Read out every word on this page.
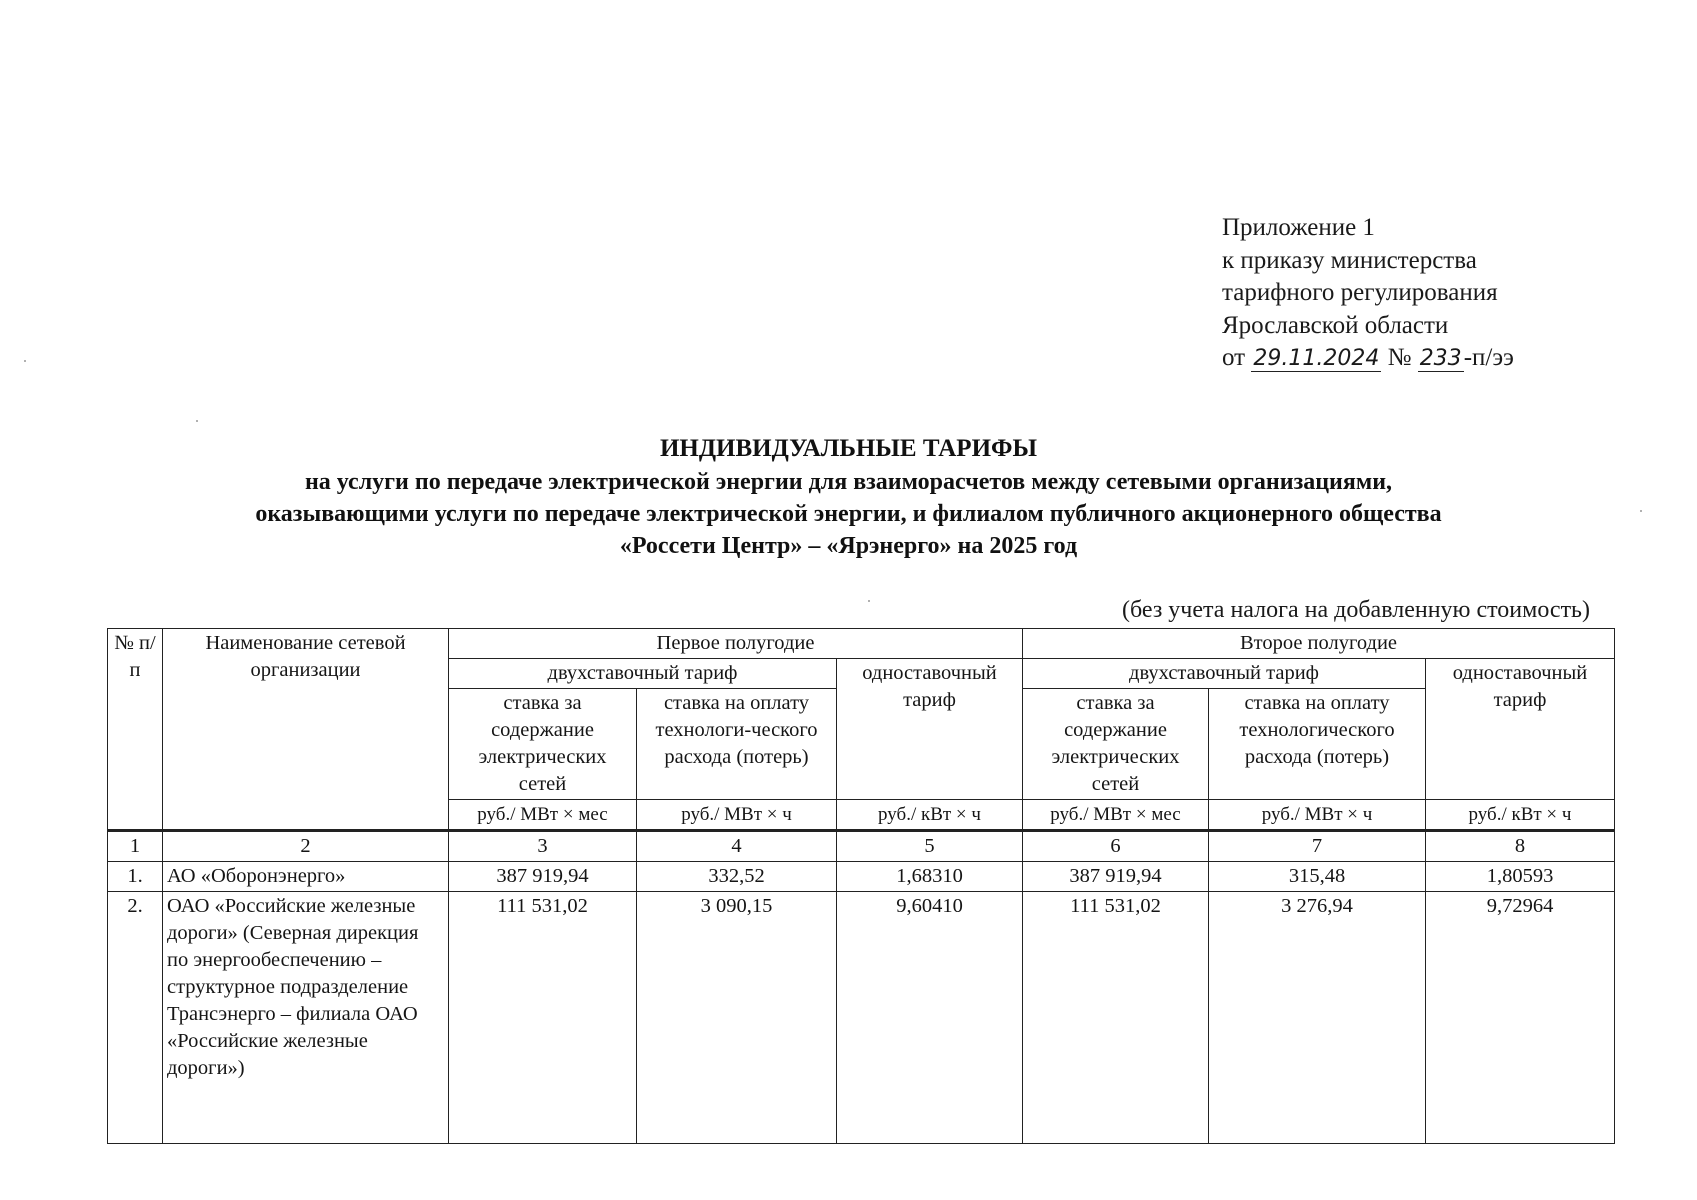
Приложение 1
к приказу министерства
тарифного регулирования
Ярославской области
от 29.11.2024 № 233-п/ээ
ИНДИВИДУАЛЬНЫЕ ТАРИФЫ
на услуги по передаче электрической энергии для взаиморасчетов между сетевыми организациями,
оказывающими услуги по передаче электрической энергии, и филиалом публичного акционерного общества
«Россети Центр» – «Ярэнерго» на 2025 год
(без учета налога на добавленную стоимость)
№ п/п	Наименование сетевой организации	Первое полугодие			Второе полугодие		
		двухставочный тариф		одноставочный тариф	двухставочный тариф		одноставочный тариф
		ставка за содержание электрических сетей	ставка на оплату технологи-ческого расхода (потерь)		ставка за содержание электрических сетей	ставка на оплату технологического расхода (потерь)	
		руб./ МВт × мес	руб./ МВт × ч	руб./ кВт × ч	руб./ МВт × мес	руб./ МВт × ч	руб./ кВт × ч
1	2	3	4	5	6	7	8
1.	АО «Оборонэнерго»	387 919,94	332,52	1,68310	387 919,94	315,48	1,80593
2.	ОАО «Российские железные дороги» (Северная дирекция по энергообеспечению – структурное подразделение Трансэнерго – филиала ОАО «Российские железные дороги»)	111 531,02	3 090,15	9,60410	111 531,02	3 276,94	9,72964
